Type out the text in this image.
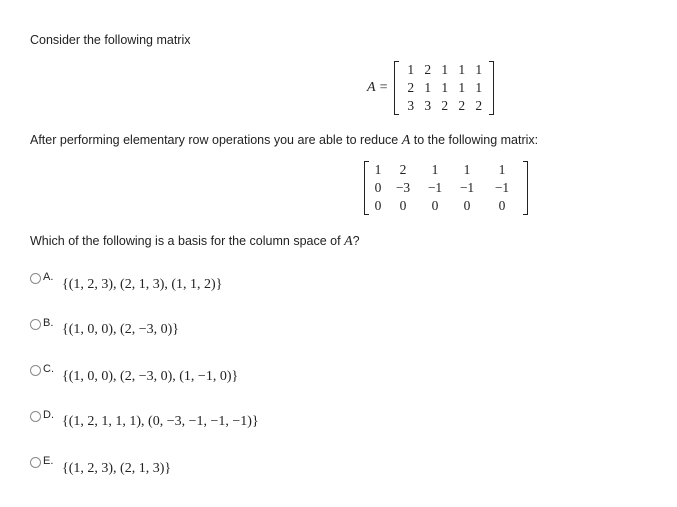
Consider the following matrix
A =
1 2 1 1 1
2 1 1 1 1
3 3 2 2 2
After performing elementary row operations you are able to reduce A to the following matrix:
1	2	1	1	1
0	−3	−1	−1	−1
0	0	0	0	0
Which of the following is a basis for the column space of A?
A. {(1, 2, 3), (2, 1, 3), (1, 1, 2)}
B. {(1, 0, 0), (2, −3, 0)}
C. {(1, 0, 0), (2, −3, 0), (1, −1, 0)}
D. {(1, 2, 1, 1, 1), (0, −3, −1, −1, −1)}
E. {(1, 2, 3), (2, 1, 3)}
